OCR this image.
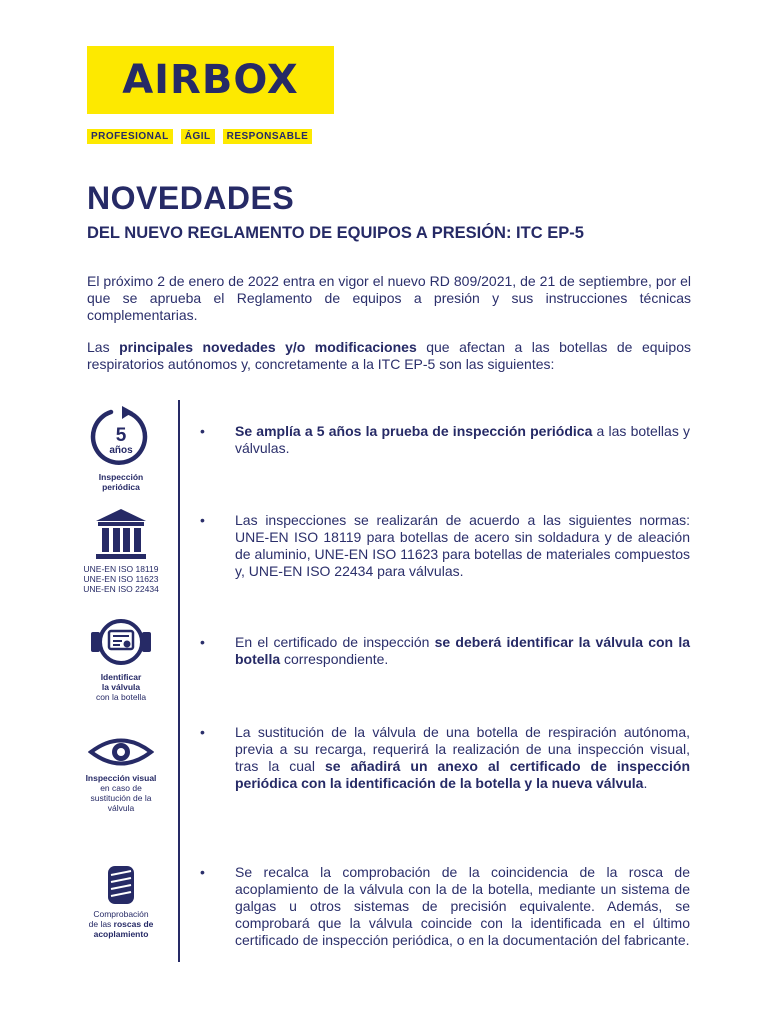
AIRBOX
PROFESIONAL	ÁGIL	RESPONSABLE
NOVEDADES
DEL NUEVO REGLAMENTO DE EQUIPOS A PRESIÓN: ITC EP-5

El próximo 2 de enero de 2022 entra en vigor el nuevo RD 809/2021, de 21 de septiembre, por el que se aprueba el Reglamento de equipos a presión y sus instrucciones técnicas complementarias.

Las principales novedades y/o modificaciones que afectan a las botellas de equipos respiratorios autónomos y, concretamente a la ITC EP-5 son las siguientes:

5
años
Inspección
periódica
UNE-EN ISO 18119
UNE-EN ISO 11623
UNE-EN ISO 22434
Identificar
la válvula
con la botella
Inspección visual
en caso de
sustitución de la
válvula
Comprobación
de las roscas de
acoplamiento
• Se amplía a 5 años la prueba de inspección periódica a las botellas y válvulas.

• Las inspecciones se realizarán de acuerdo a las siguientes normas: UNE-EN ISO 18119 para botellas de acero sin soldadura y de aleación de aluminio, UNE-EN ISO 11623 para botellas de materiales compuestos y, UNE-EN ISO 22434 para válvulas.

• En el certificado de inspección se deberá identificar la válvula con la botella correspondiente.

• La sustitución de la válvula de una botella de respiración autónoma, previa a su recarga, requerirá la realización de una inspección visual, tras la cual se añadirá un anexo al certificado de inspección periódica con la identificación de la botella y la nueva válvula.

• Se recalca la comprobación de la coincidencia de la rosca de acoplamiento de la válvula con la de la botella, mediante un sistema de galgas u otros sistemas de precisión equivalente. Además, se comprobará que la válvula coincide con la identificada en el último certificado de inspección periódica, o en la documentación del fabricante.
